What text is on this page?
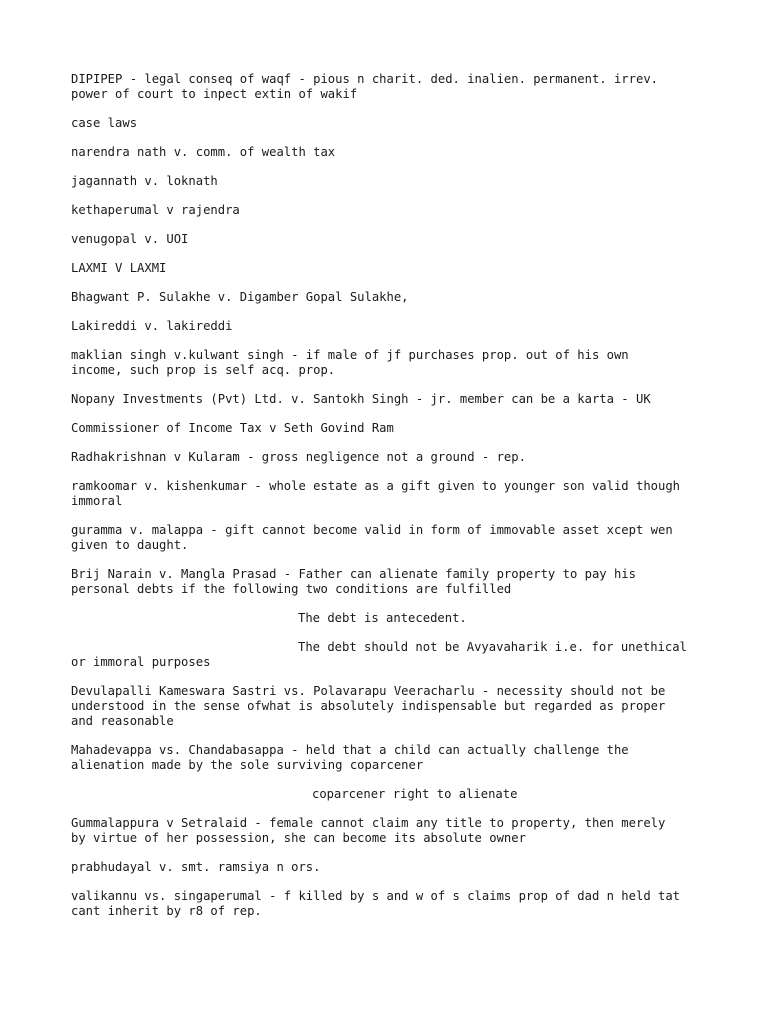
DIPIPEP - legal conseq of waqf - pious n charit. ded. inalien. permanent. irrev.
power of court to inpect extin of wakif
case laws
narendra nath v. comm. of wealth tax
jagannath v. loknath
kethaperumal v rajendra
venugopal v. UOI
LAXMI V LAXMI
Bhagwant P. Sulakhe v. Digamber Gopal Sulakhe,
Lakireddi v. lakireddi
maklian singh v.kulwant singh - if male of jf purchases prop. out of his own
income, such prop is self acq. prop.
Nopany Investments (Pvt) Ltd. v. Santokh Singh - jr. member can be a karta - UK
Commissioner of Income Tax v Seth Govind Ram
Radhakrishnan v Kularam - gross negligence not a ground - rep.
ramkoomar v. kishenkumar - whole estate as a gift given to younger son valid though
immoral
guramma v. malappa - gift cannot become valid in form of immovable asset xcept wen
given to daught.
Brij Narain v. Mangla Prasad - Father can alienate family property to pay his
personal debts if the following two conditions are fulfilled
The debt is antecedent.
The debt should not be Avyavaharik i.e. for unethical
or immoral purposes
Devulapalli Kameswara Sastri vs. Polavarapu Veeracharlu - necessity should not be
understood in the sense ofwhat is absolutely indispensable but regarded as proper
and reasonable
Mahadevappa vs. Chandabasappa - held that a child can actually challenge the
alienation made by the sole surviving coparcener
coparcener right to alienate
Gummalappura v Setralaid - female cannot claim any title to property, then merely
by virtue of her possession, she can become its absolute owner
prabhudayal v. smt. ramsiya n ors.
valikannu vs. singaperumal - f killed by s and w of s claims prop of dad n held tat
cant inherit by r8 of rep.
